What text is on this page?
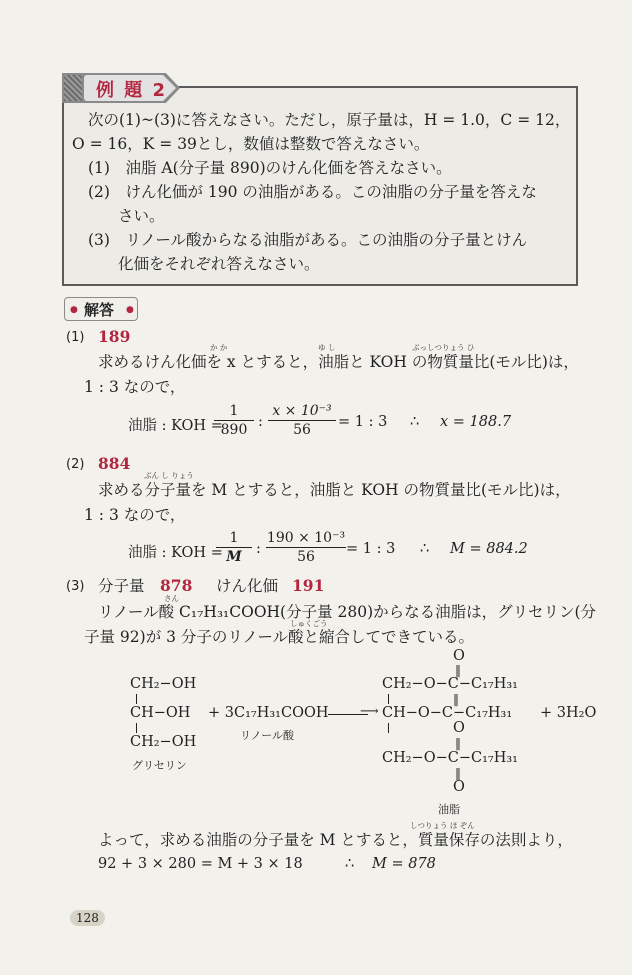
例 題 2
次の(1)~(3)に答えなさい。ただし，原子量は，H = 1.0，C = 12，
O = 16，K = 39とし，数値は整数で答えなさい。
(1)　油脂 A(分子量 890)のけん化価を答えなさい。
(2)　けん化価が 190 の油脂がある。この油脂の分子量を答えな
さい。
(3)　リノール酸からなる油脂がある。この油脂の分子量とけん
化価をそれぞれ答えなさい。
●	●
解答
(1) 189
か か	ゆ し	ぶっしつりょう ひ
求めるけん化価を x とすると，油脂と KOH の物質量比(モル比)は，
1 : 3 なので，
油脂 : KOH =
1
890 :
x × 10⁻³
56	= 1 : 3 ∴ x = 188.7
(2) 884
ぶん し りょう
求める分子量を M とすると，油脂と KOH の物質量比(モル比)は，
1 : 3 なので，
油脂 : KOH =
1
M :
190 × 10⁻³
56	= 1 : 3 ∴ M = 884.2
(3) 分子量 878 けん化価 191
さん
リノール酸 C₁₇H₃₁COOH(分子量 280)からなる油脂は，グリセリン(分
しゅくごう
子量 92)が 3 分子のリノール酸と縮合してできている。
CH₂−OH
CH−OH
CH₂−OH
グリセリン
+ 3C₁₇H₃₁COOH
リノール酸
⟶
O
‖
CH₂−O−C−C₁₇H₃₁
‖
CH−O−C−C₁₇H₃₁ + 3H₂O
O
‖
CH₂−O−C−C₁₇H₃₁
‖
O
油脂
しつりょう ほ ぞん
よって，求める油脂の分子量を M とすると，質量保存の法則より，
92 + 3 × 280 = M + 3 × 18	∴ M = 878
128
